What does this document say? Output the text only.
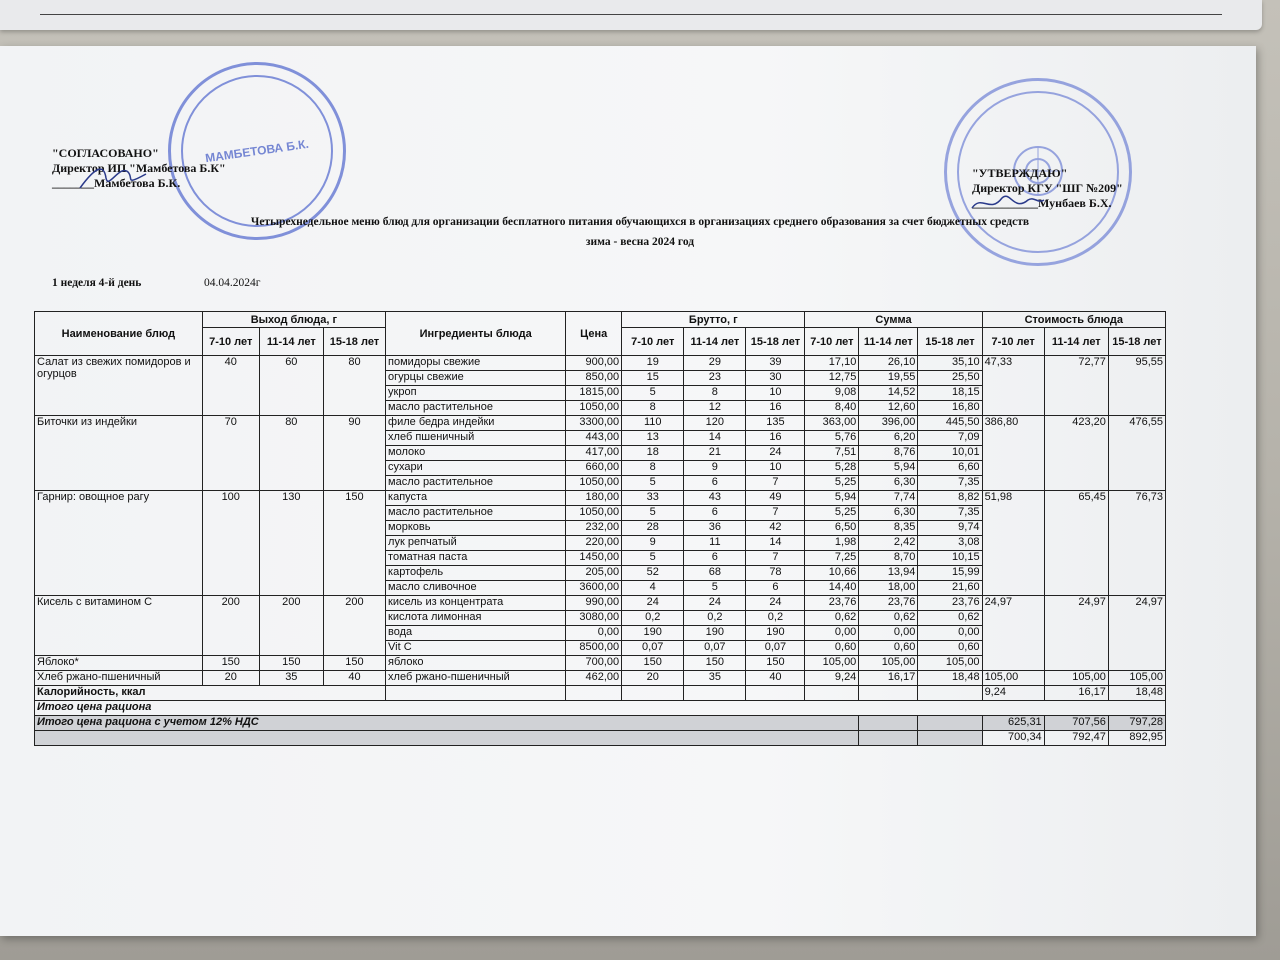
МАМБЕТОВА Б.К.
"СОГЛАСОВАНО"
Директор ИП "Мамбетова Б.К"
_______Мамбетова Б.К.
"УТВЕРЖДАЮ"
Директор КГУ "ШГ №209"
___________Мунбаев Б.Х.
Четырехнедельное меню блюд для организации бесплатного питания обучающихся в организациях среднего образования за счет бюджетных средств
зима - весна 2024 год
1 неделя 4-й день	04.04.2024г
Наименование блюд	Выход блюда, г			Ингредиенты блюда	Цена	Брутто, г			Сумма			Стоимость блюда		
	7-10 лет	11-14 лет	15-18 лет			7-10 лет	11-14 лет	15-18 лет	7-10 лет	11-14 лет	15-18 лет	7-10 лет	11-14 лет	15-18 лет

Салат из свежих помидоров и огурцов	40	60	80	помидоры свежие	900,00	19	29	39	17,10	26,10	35,10	47,33	72,77	95,55
				огурцы свежие	850,00	15	23	30	12,75	19,55	25,50			
				укроп	1815,00	5	8	10	9,08	14,52	18,15			
				масло растительное	1050,00	8	12	16	8,40	12,60	16,80			
Биточки из индейки	70	80	90	филе бедра индейки	3300,00	110	120	135	363,00	396,00	445,50	386,80	423,20	476,55
				хлеб пшеничный	443,00	13	14	16	5,76	6,20	7,09			
				молоко	417,00	18	21	24	7,51	8,76	10,01			
				сухари	660,00	8	9	10	5,28	5,94	6,60			
				масло растительное	1050,00	5	6	7	5,25	6,30	7,35			
Гарнир: овощное рагу	100	130	150	капуста	180,00	33	43	49	5,94	7,74	8,82	51,98	65,45	76,73
				масло растительное	1050,00	5	6	7	5,25	6,30	7,35			
				морковь	232,00	28	36	42	6,50	8,35	9,74			
				лук репчатый	220,00	9	11	14	1,98	2,42	3,08			
				томатная паста	1450,00	5	6	7	7,25	8,70	10,15			
				картофель	205,00	52	68	78	10,66	13,94	15,99			
				масло сливочное	3600,00	4	5	6	14,40	18,00	21,60			
Кисель с витамином С	200	200	200	кисель из концентрата	990,00	24	24	24	23,76	23,76	23,76	24,97	24,97	24,97
				кислота лимонная	3080,00	0,2	0,2	0,2	0,62	0,62	0,62			
				вода	0,00	190	190	190	0,00	0,00	0,00			
				Vit C	8500,00	0,07	0,07	0,07	0,60	0,60	0,60			
Яблоко*	150	150	150	яблоко	700,00	150	150	150	105,00	105,00	105,00			
Хлеб ржано-пшеничный	20	35	40	хлеб ржано-пшеничный	462,00	20	35	40	9,24	16,17	18,48	105,00	105,00	105,00
Калорийность, ккал												9,24	16,17	18,48
Итого цена рациона														
Итого цена рациона с учетом 12% НДС												625,31	707,56	797,28
												700,34	792,47	892,95
